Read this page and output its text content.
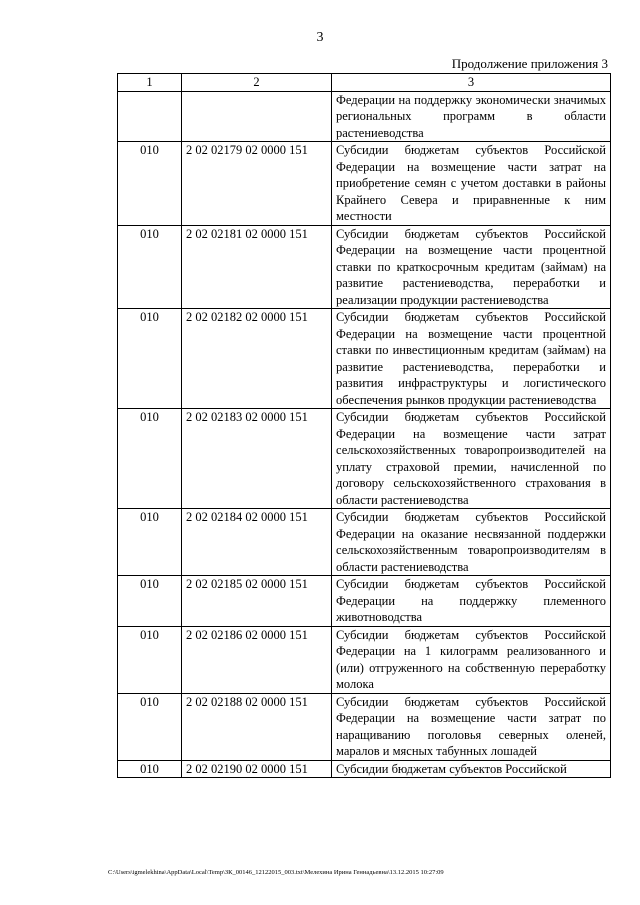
3
Продолжение приложения 3
1	2	3
		Федерации на поддержку экономически значимых региональных программ в области растениеводства
010	2 02 02179 02 0000 151	Субсидии бюджетам субъектов Российской Федерации на возмещение части затрат на приобретение семян с учетом доставки в районы Крайнего Севера и приравненные к ним местности
010	2 02 02181 02 0000 151	Субсидии бюджетам субъектов Российской Федерации на возмещение части процентной ставки по краткосрочным кредитам (займам) на развитие растениеводства, переработки и реализации продукции растениеводства
010	2 02 02182 02 0000 151	Субсидии бюджетам субъектов Российской Федерации на возмещение части процентной ставки по инвестиционным кредитам (займам) на развитие растениеводства, переработки и развития инфраструктуры и логистического обеспечения рынков продукции растениеводства
010	2 02 02183 02 0000 151	Субсидии бюджетам субъектов Российской Федерации на возмещение части затрат сельскохозяйственных товаропроизводителей на уплату страховой премии, начисленной по договору сельскохозяйственного страхования в области растениеводства
010	2 02 02184 02 0000 151	Субсидии бюджетам субъектов Российской Федерации на оказание несвязанной поддержки сельскохозяйственным товаропроизводителям в области растениеводства
010	2 02 02185 02 0000 151	Субсидии бюджетам субъектов Российской Федерации на поддержку племенного животноводства
010	2 02 02186 02 0000 151	Субсидии бюджетам субъектов Российской Федерации на 1 килограмм реализованного и (или) отгруженного на собственную переработку молока
010	2 02 02188 02 0000 151	Субсидии бюджетам субъектов Российской Федерации на возмещение части затрат по наращиванию поголовья северных оленей, маралов и мясных табунных лошадей
010	2 02 02190 02 0000 151	Субсидии бюджетам субъектов Российской
C:\Users\igmelekhina\AppData\Local\Temp\ЗК_00146_12122015_003.txt\Мелехина Ирина Геннадьевна\13.12.2015 10:27:09
